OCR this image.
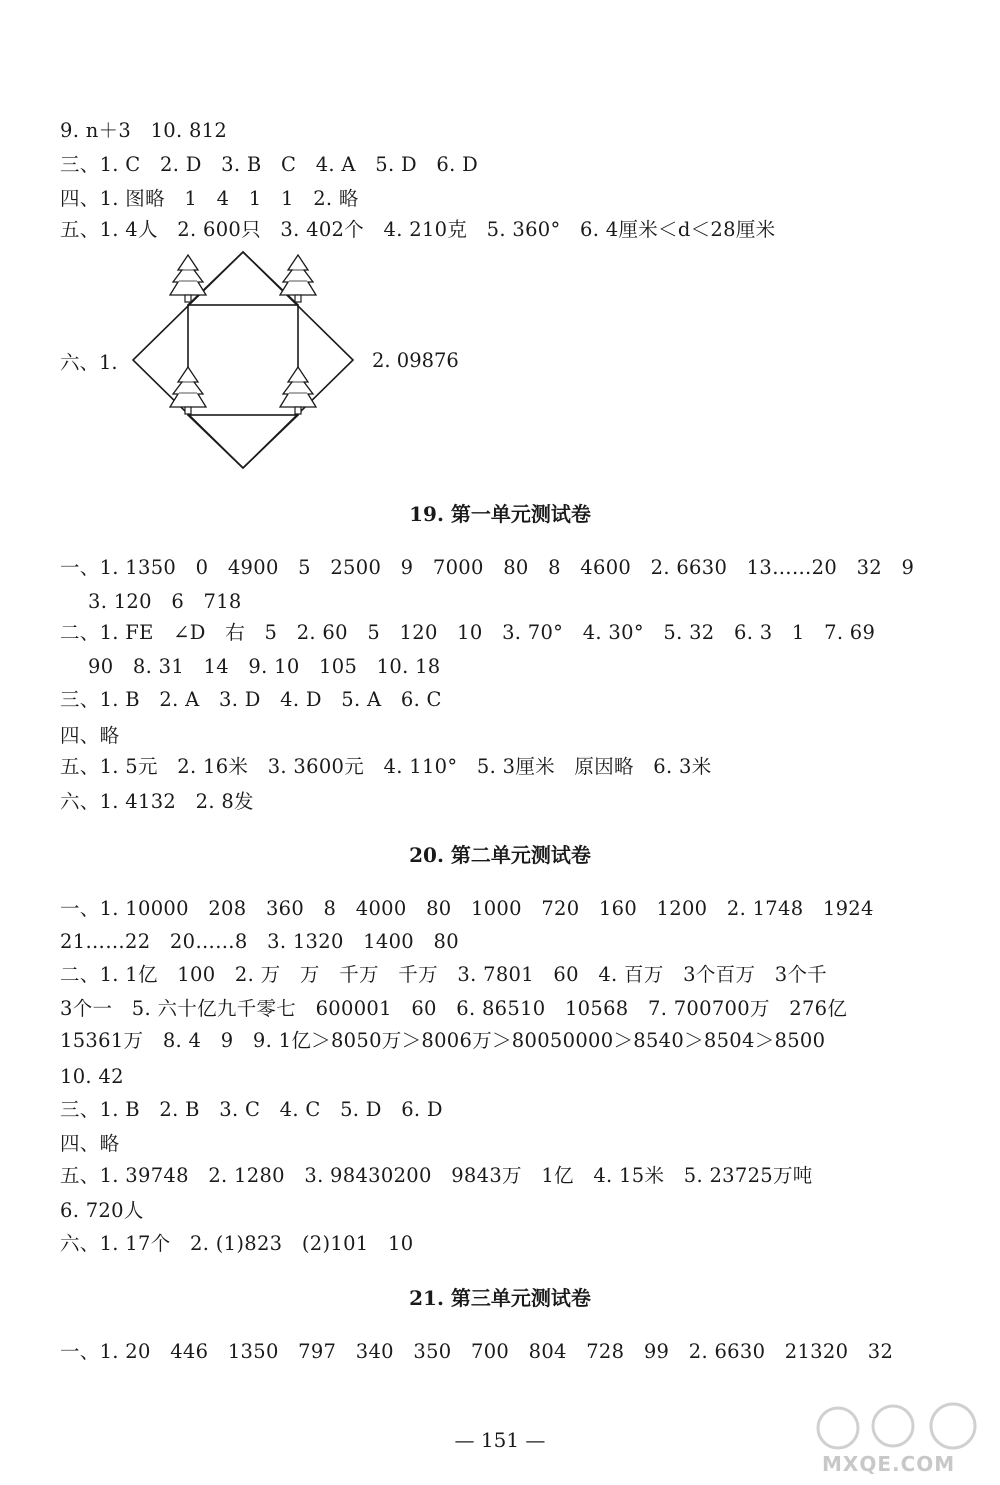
9. n＋3   10. 812
三、1. C   2. D   3. B   C   4. A   5. D   6. D
四、1. 图略   1   4   1   1   2. 略
五、1. 4人   2. 600只   3. 402个   4. 210克   5. 360°   6. 4厘米＜d＜28厘米
六、1.	2. 09876
19. 第一单元测试卷
一、1. 1350   0   4900   5   2500   9   7000   80   8   4600   2. 6630   13……20   32   9
3. 120   6   718
二、1. FE   ∠D   右   5   2. 60   5   120   10   3. 70°   4. 30°   5. 32   6. 3   1   7. 69
90   8. 31   14   9. 10   105   10. 18
三、1. B   2. A   3. D   4. D   5. A   6. C
四、略
五、1. 5元   2. 16米   3. 3600元   4. 110°   5. 3厘米   原因略   6. 3米
六、1. 4132   2. 8发
20. 第二单元测试卷
一、1. 10000   208   360   8   4000   80   1000   720   160   1200   2. 1748   1924
21……22   20……8   3. 1320   1400   80
二、1. 1亿   100   2. 万   万   千万   千万   3. 7801   60   4. 百万   3个百万   3个千
3个一   5. 六十亿九千零七   600001   60   6. 86510   10568   7. 700700万   276亿
15361万   8. 4   9   9. 1亿＞8050万＞8006万＞80050000＞8540＞8504＞8500
10. 42
三、1. B   2. B   3. C   4. C   5. D   6. D
四、略
五、1. 39748   2. 1280   3. 98430200   9843万   1亿   4. 15米   5. 23725万吨
6. 720人
六、1. 17个   2. (1)823   (2)101   10
21. 第三单元测试卷
一、1. 20   446   1350   797   340   350   700   804   728   99   2. 6630   21320   32
— 151 —
MXQE.COM
